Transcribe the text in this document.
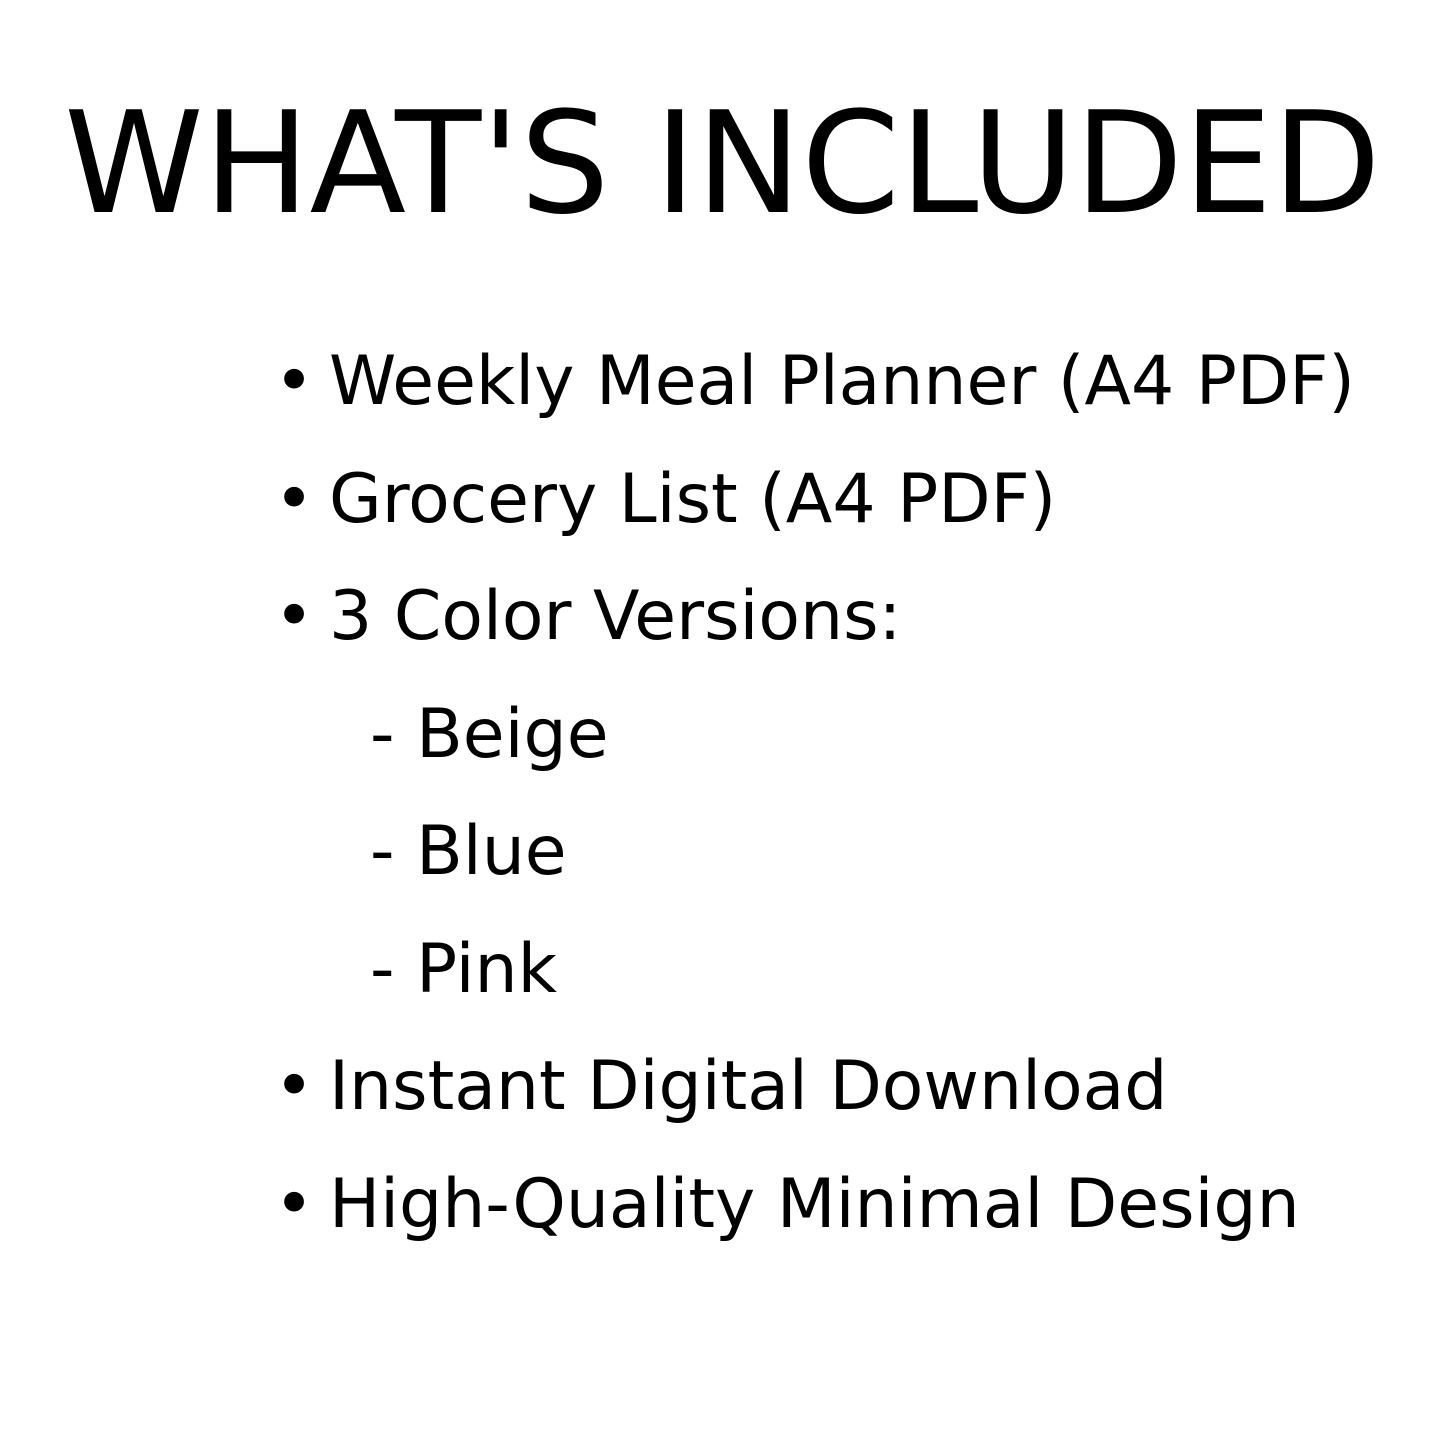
WHAT'S INCLUDED
• Weekly Meal Planner (A4 PDF)
• Grocery List (A4 PDF)
• 3 Color Versions:
- Beige
- Blue
- Pink
• Instant Digital Download
• High-Quality Minimal Design
